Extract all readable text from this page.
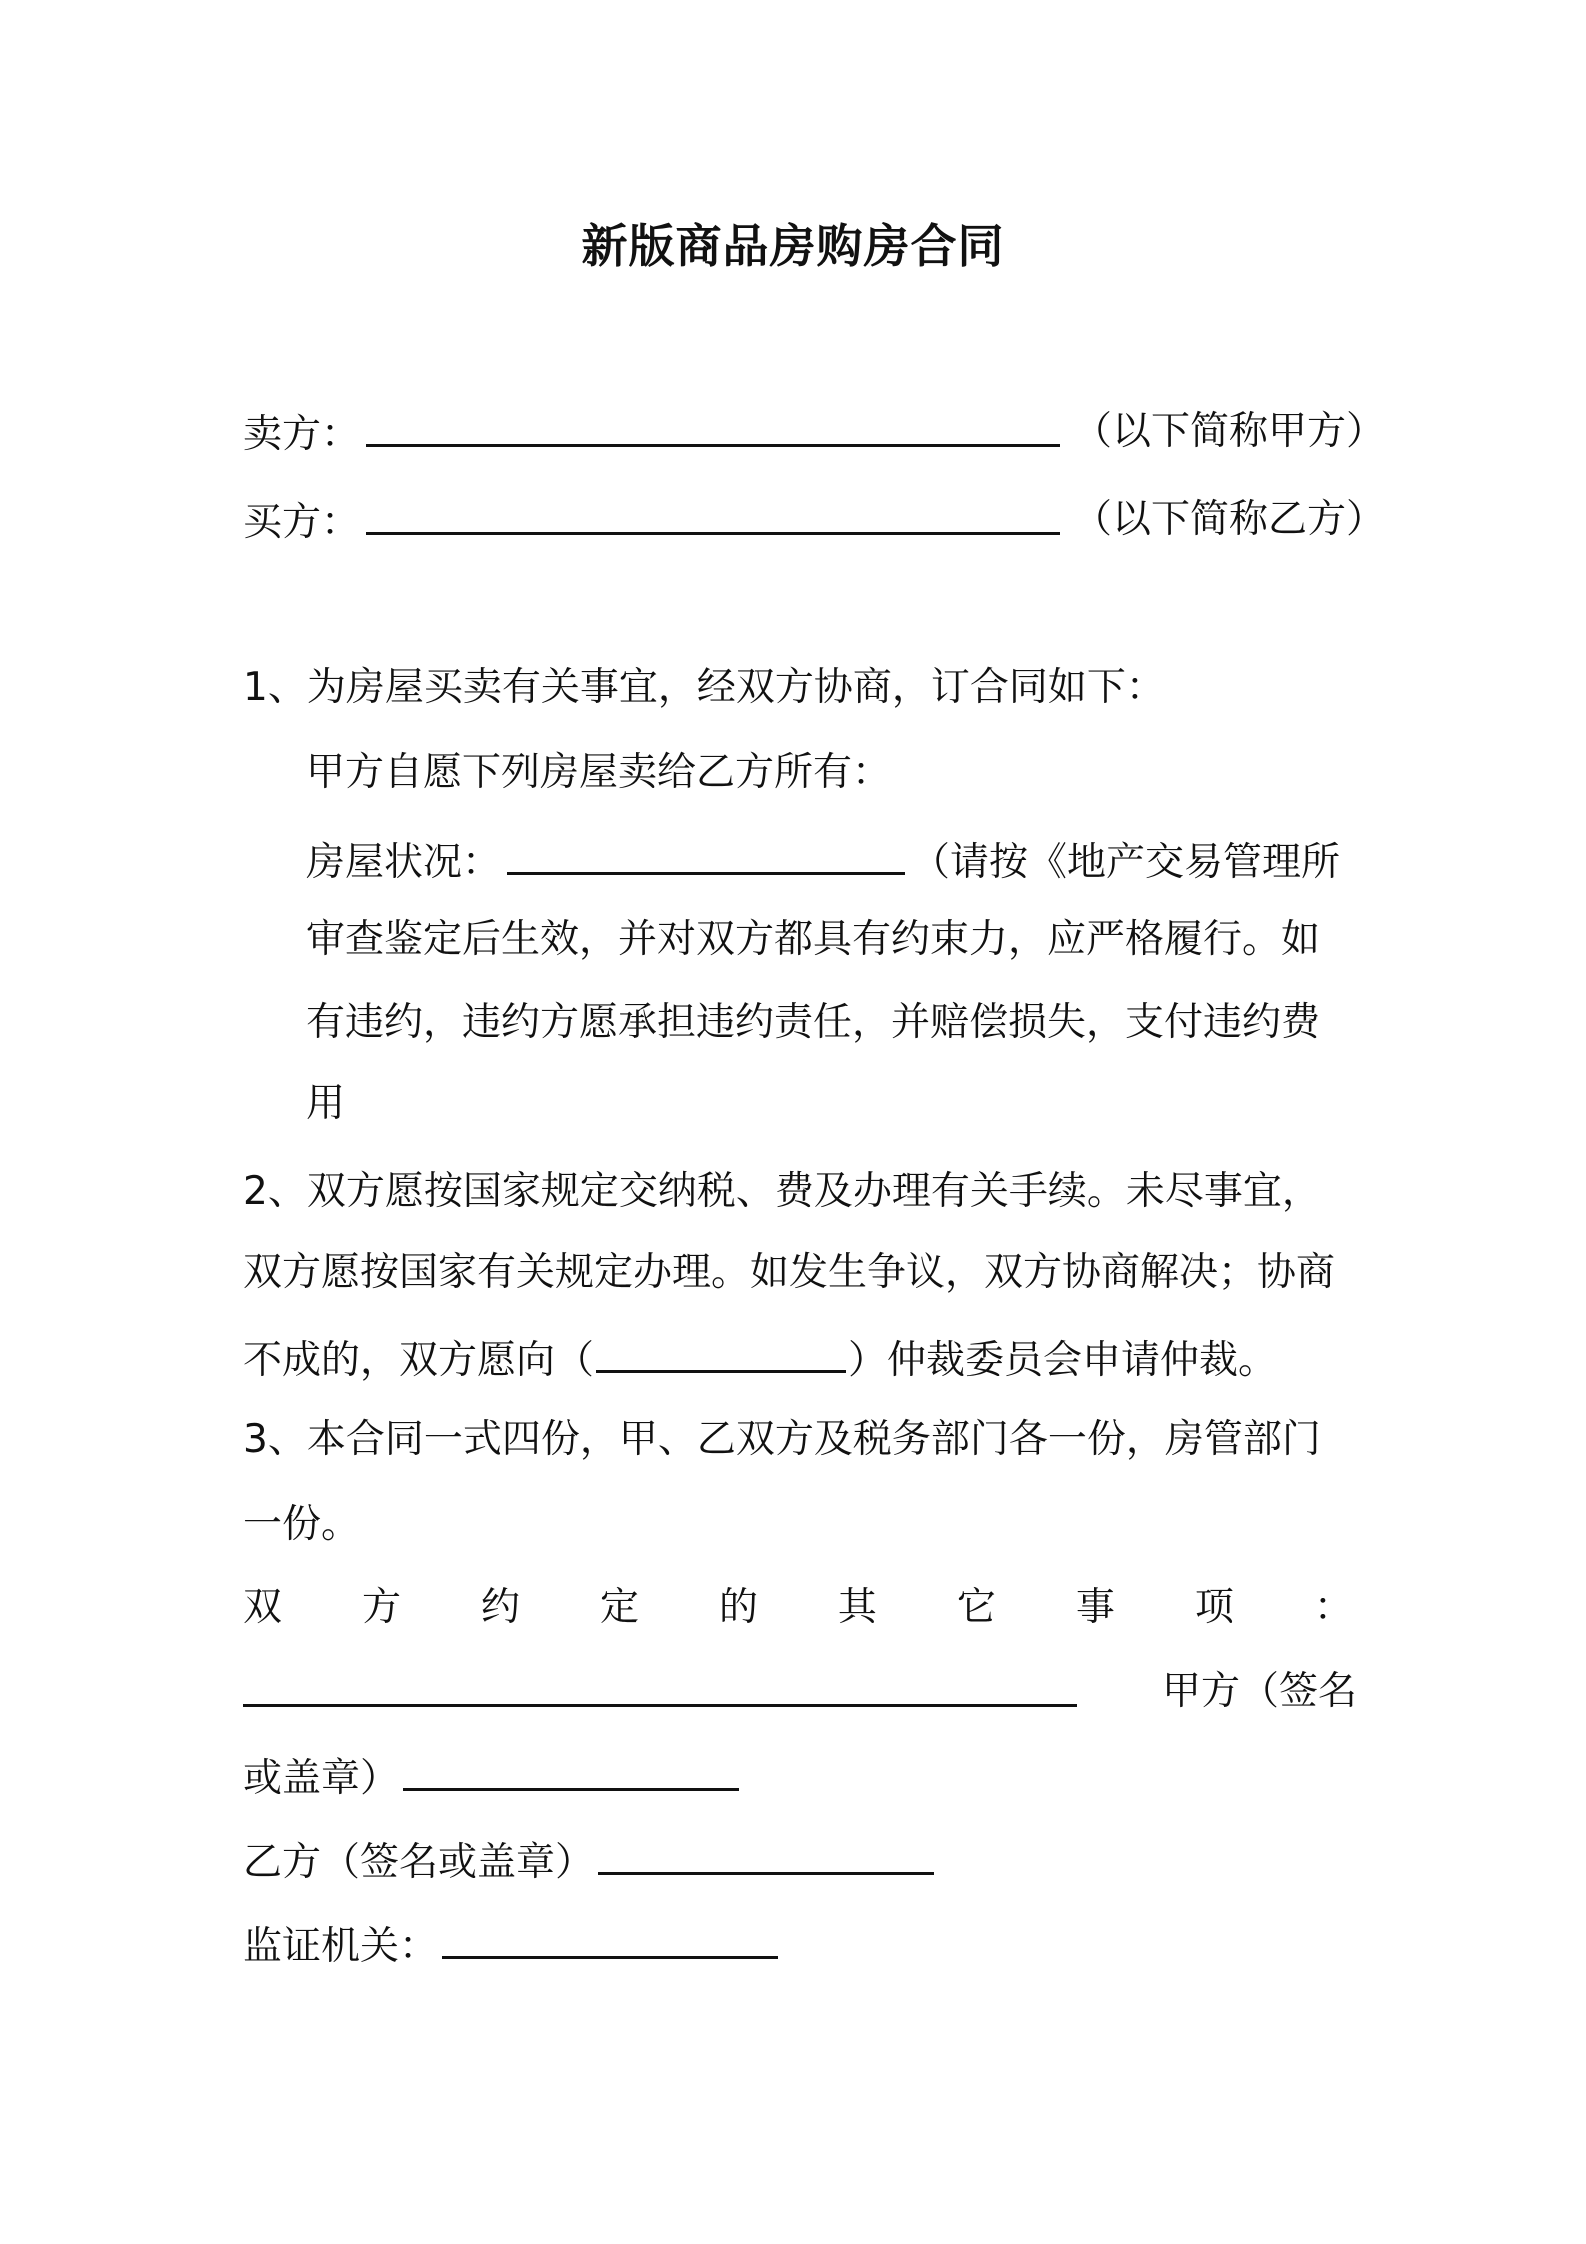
新版商品房购房合同
卖方：	（以下简称甲方）
买方：	（以下简称乙方）
1、为房屋买卖有关事宜，经双方协商，订合同如下：
甲方自愿下列房屋卖给乙方所有：
房屋状况：	（请按《地产交易管理所
审查鉴定后生效，并对双方都具有约束力，应严格履行。如
有违约，违约方愿承担违约责任，并赔偿损失，支付违约费
用
2、双方愿按国家规定交纳税、费及办理有关手续。未尽事宜，
双方愿按国家有关规定办理。如发生争议，双方协商解决；协商
不成的，双方愿向（	）仲裁委员会申请仲裁。
3、本合同一式四份，甲、乙双方及税务部门各一份，房管部门
一份。
双 方 约 定 的 其 它 事 项 ：
甲方（签名
或盖章）
乙方（签名或盖章）
监证机关：
